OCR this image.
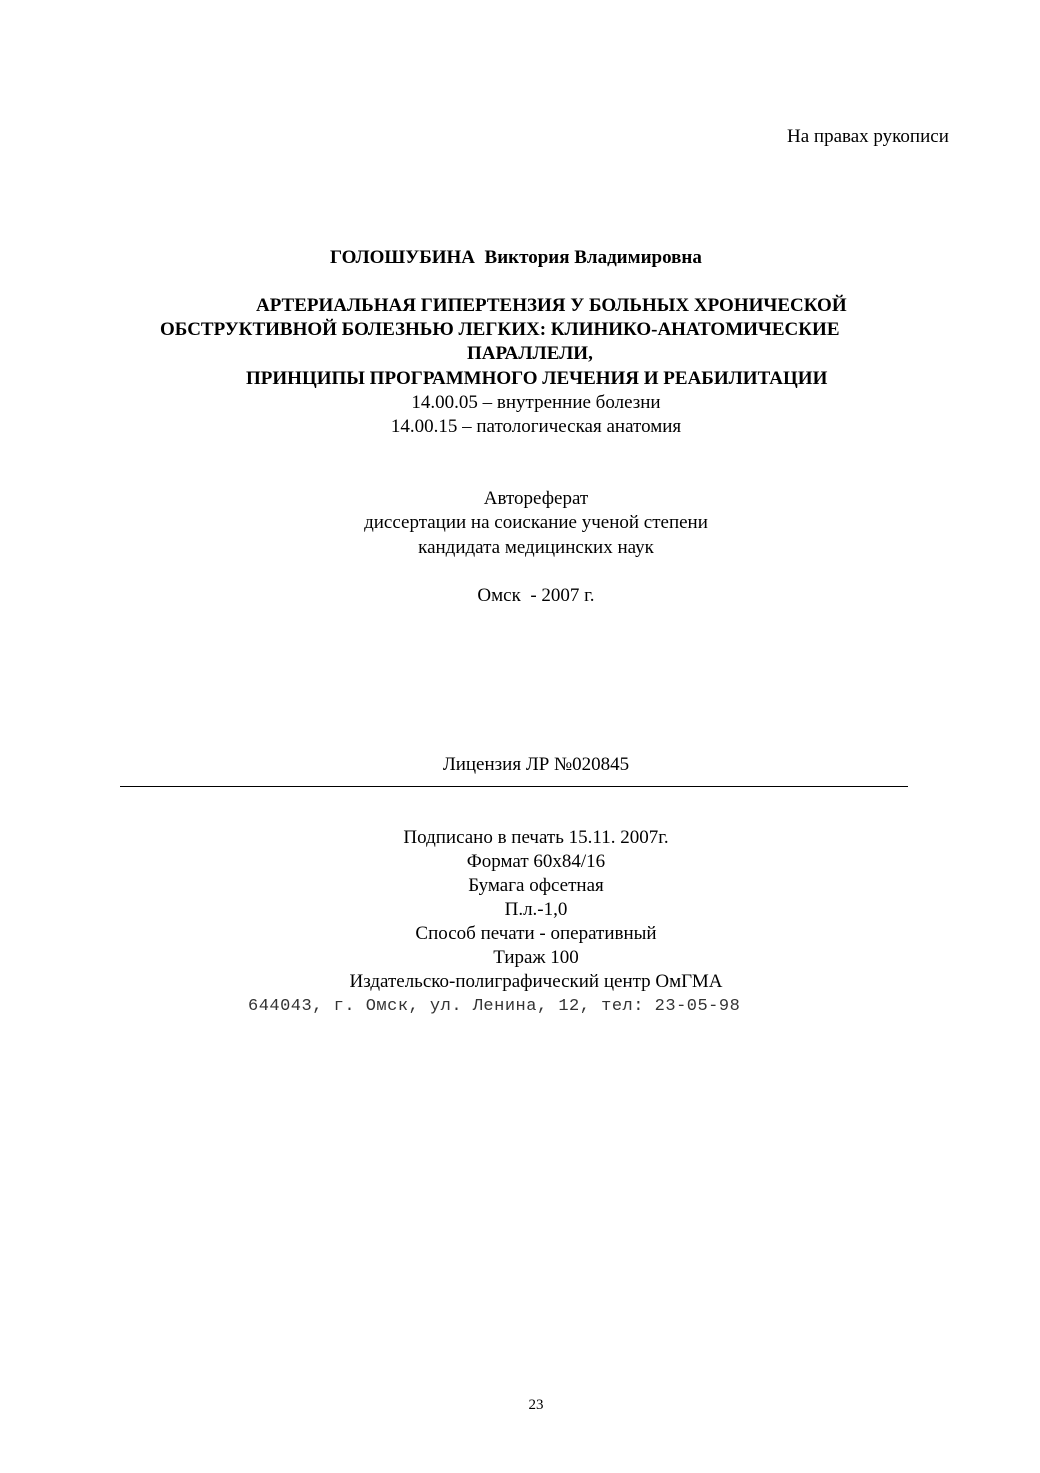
На правах рукописи
ГОЛОШУБИНА Виктория Владимировна
АРТЕРИАЛЬНАЯ ГИПЕРТЕНЗИЯ У БОЛЬНЫХ ХРОНИЧЕСКОЙ
ОБСТРУКТИВНОЙ БОЛЕЗНЬЮ ЛЕГКИХ: КЛИНИКО-АНАТОМИЧЕСКИЕ
ПАРАЛЛЕЛИ,
ПРИНЦИПЫ ПРОГРАММНОГО ЛЕЧЕНИЯ И РЕАБИЛИТАЦИИ
14.00.05 – внутренние болезни
14.00.15 – патологическая анатомия
Автореферат
диссертации на соискание ученой степени
кандидата медицинских наук
Омск  - 2007 г.
Лицензия ЛР №020845
Подписано в печать 15.11. 2007г.
Формат 60х84/16
Бумага офсетная
П.л.-1,0
Способ печати - оперативный
Тираж 100
Издательско-полиграфический центр ОмГМА
644043, г. Омск, ул. Ленина, 12, тел: 23-05-98
23
